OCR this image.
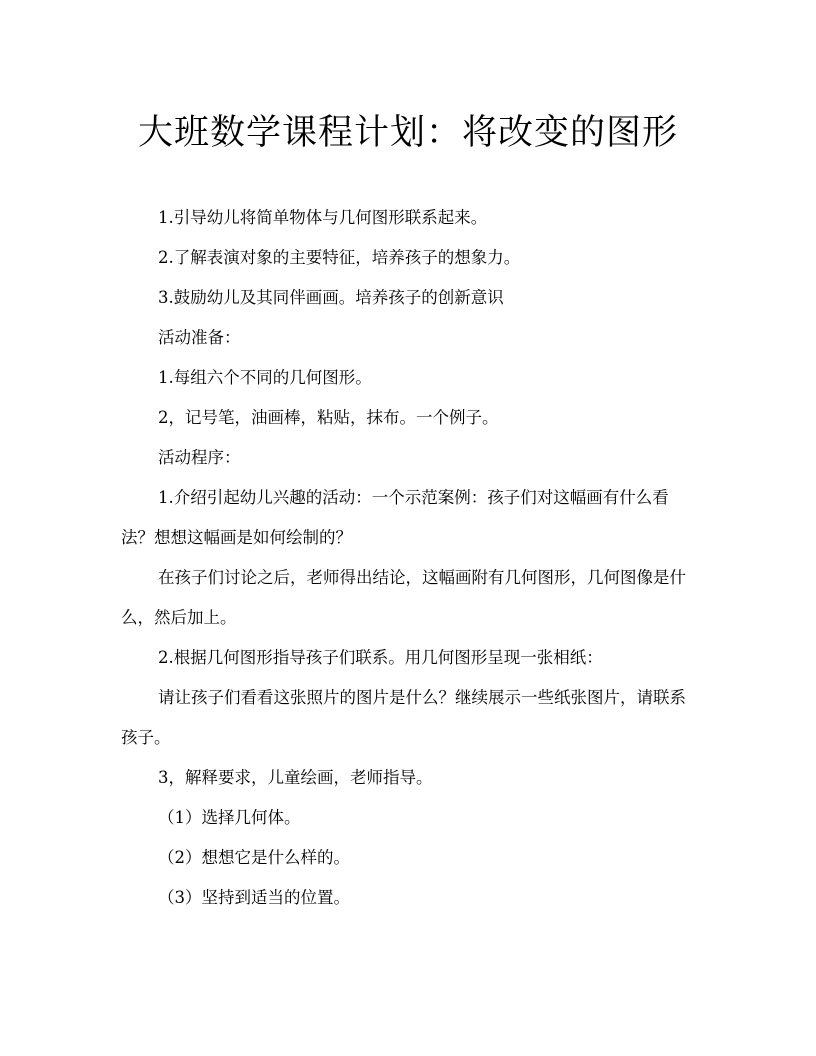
大班数学课程计划：将改变的图形

1.引导幼儿将简单物体与几何图形联系起来。

2.了解表演对象的主要特征，培养孩子的想象力。

3.鼓励幼儿及其同伴画画。培养孩子的创新意识

活动准备：

1.每组六个不同的几何图形。

2，记号笔，油画棒，粘贴，抹布。一个例子。

活动程序：

1.介绍引起幼儿兴趣的活动：一个示范案例：孩子们对这幅画有什么看法？想想这幅画是如何绘制的？

在孩子们讨论之后，老师得出结论，这幅画附有几何图形，几何图像是什么，然后加上。

2.根据几何图形指导孩子们联系。用几何图形呈现一张相纸：

请让孩子们看看这张照片的图片是什么？继续展示一些纸张图片，请联系孩子。

3，解释要求，儿童绘画，老师指导。

（1）选择几何体。

（2）想想它是什么样的。

（3）坚持到适当的位置。
